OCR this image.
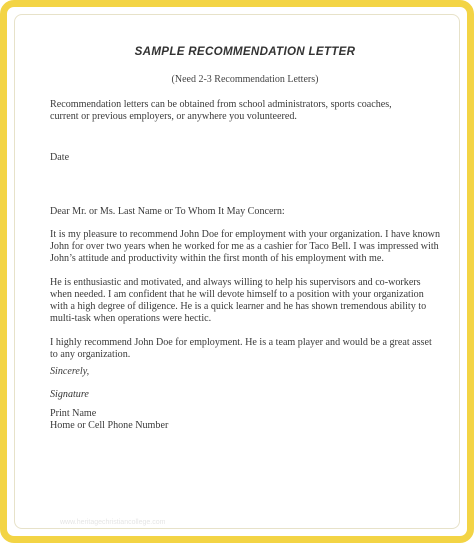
SAMPLE RECOMMENDATION LETTER
(Need 2-3 Recommendation Letters)
Recommendation letters can be obtained from school administrators, sports coaches,
current or previous employers, or anywhere you volunteered.
Date
Dear Mr. or Ms. Last Name or To Whom It May Concern:
It is my pleasure to recommend John Doe for employment with your organization. I have known
John for over two years when he worked for me as a cashier for Taco Bell. I was impressed with
John’s attitude and productivity within the first month of his employment with me.
He is enthusiastic and motivated, and always willing to help his supervisors and co-workers
when needed. I am confident that he will devote himself to a position with your organization
with a high degree of diligence. He is a quick learner and he has shown tremendous ability to
multi-task when operations were hectic.
I highly recommend John Doe for employment. He is a team player and would be a great asset
to any organization.
Sincerely,
Signature
Print Name
Home or Cell Phone Number
www.heritagechristiancollege.com
